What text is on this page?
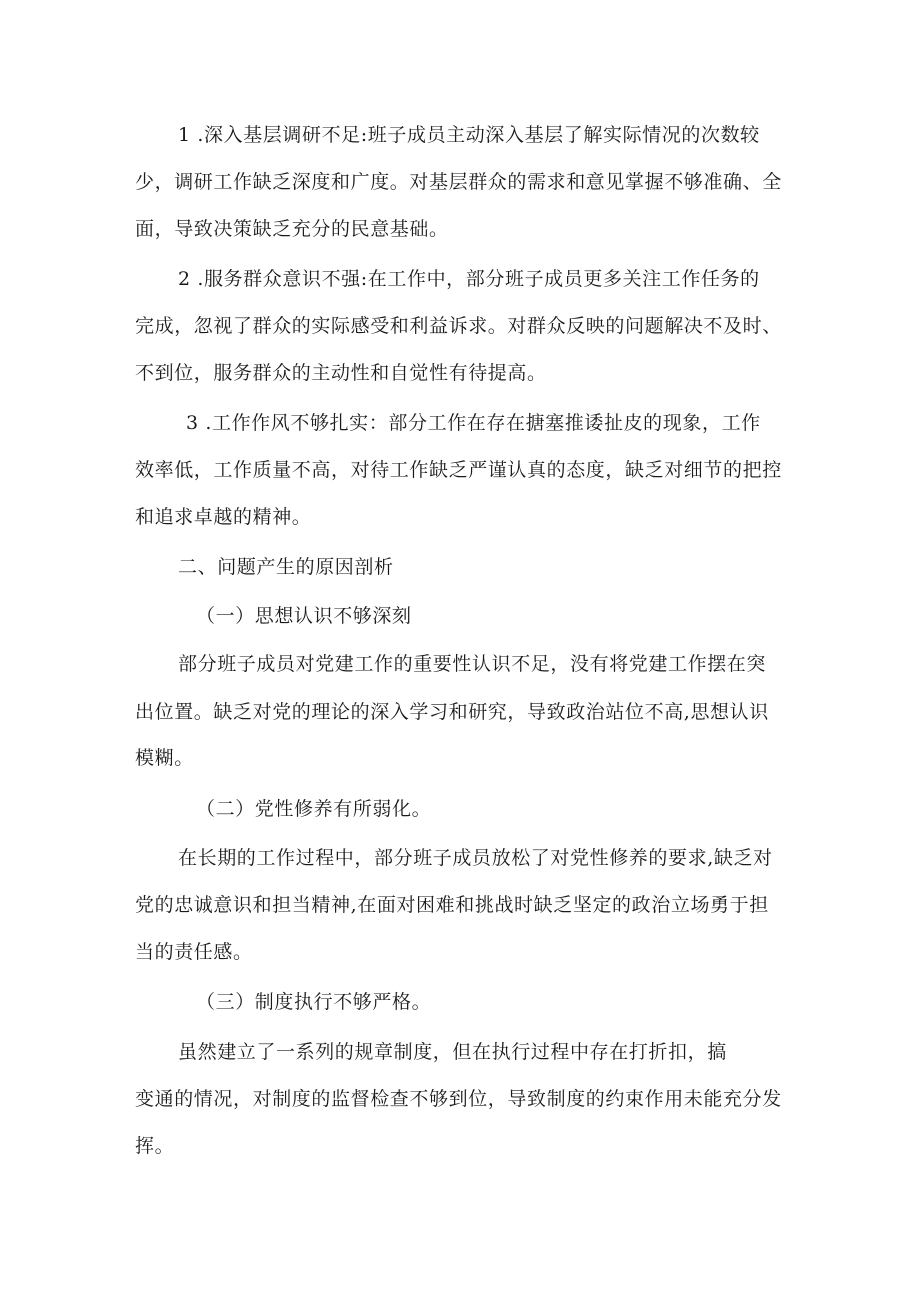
1 .深入基层调研不足:班子成员主动深入基层了解实际情况的次数较
少，调研工作缺乏深度和广度。对基层群众的需求和意见掌握不够准确、全
面，导致决策缺乏充分的民意基础。
2 .服务群众意识不强:在工作中，部分班子成员更多关注工作任务的
完成，忽视了群众的实际感受和利益诉求。对群众反映的问题解决不及时、
不到位，服务群众的主动性和自觉性有待提高。
3 .工作作风不够扎实：部分工作在存在搪塞推诿扯皮的现象，工作
效率低，工作质量不高，对待工作缺乏严谨认真的态度，缺乏对细节的把控
和追求卓越的精神。
二、问题产生的原因剖析
（一）思想认识不够深刻
部分班子成员对党建工作的重要性认识不足，没有将党建工作摆在突
出位置。缺乏对党的理论的深入学习和研究，导致政治站位不高,思想认识
模糊。
（二）党性修养有所弱化。
在长期的工作过程中，部分班子成员放松了对党性修养的要求,缺乏对
党的忠诚意识和担当精神,在面对困难和挑战时缺乏坚定的政治立场勇于担
当的责任感。
（三）制度执行不够严格。
虽然建立了一系列的规章制度，但在执行过程中存在打折扣，搞
变通的情况，对制度的监督检查不够到位，导致制度的约束作用未能充分发
挥。
